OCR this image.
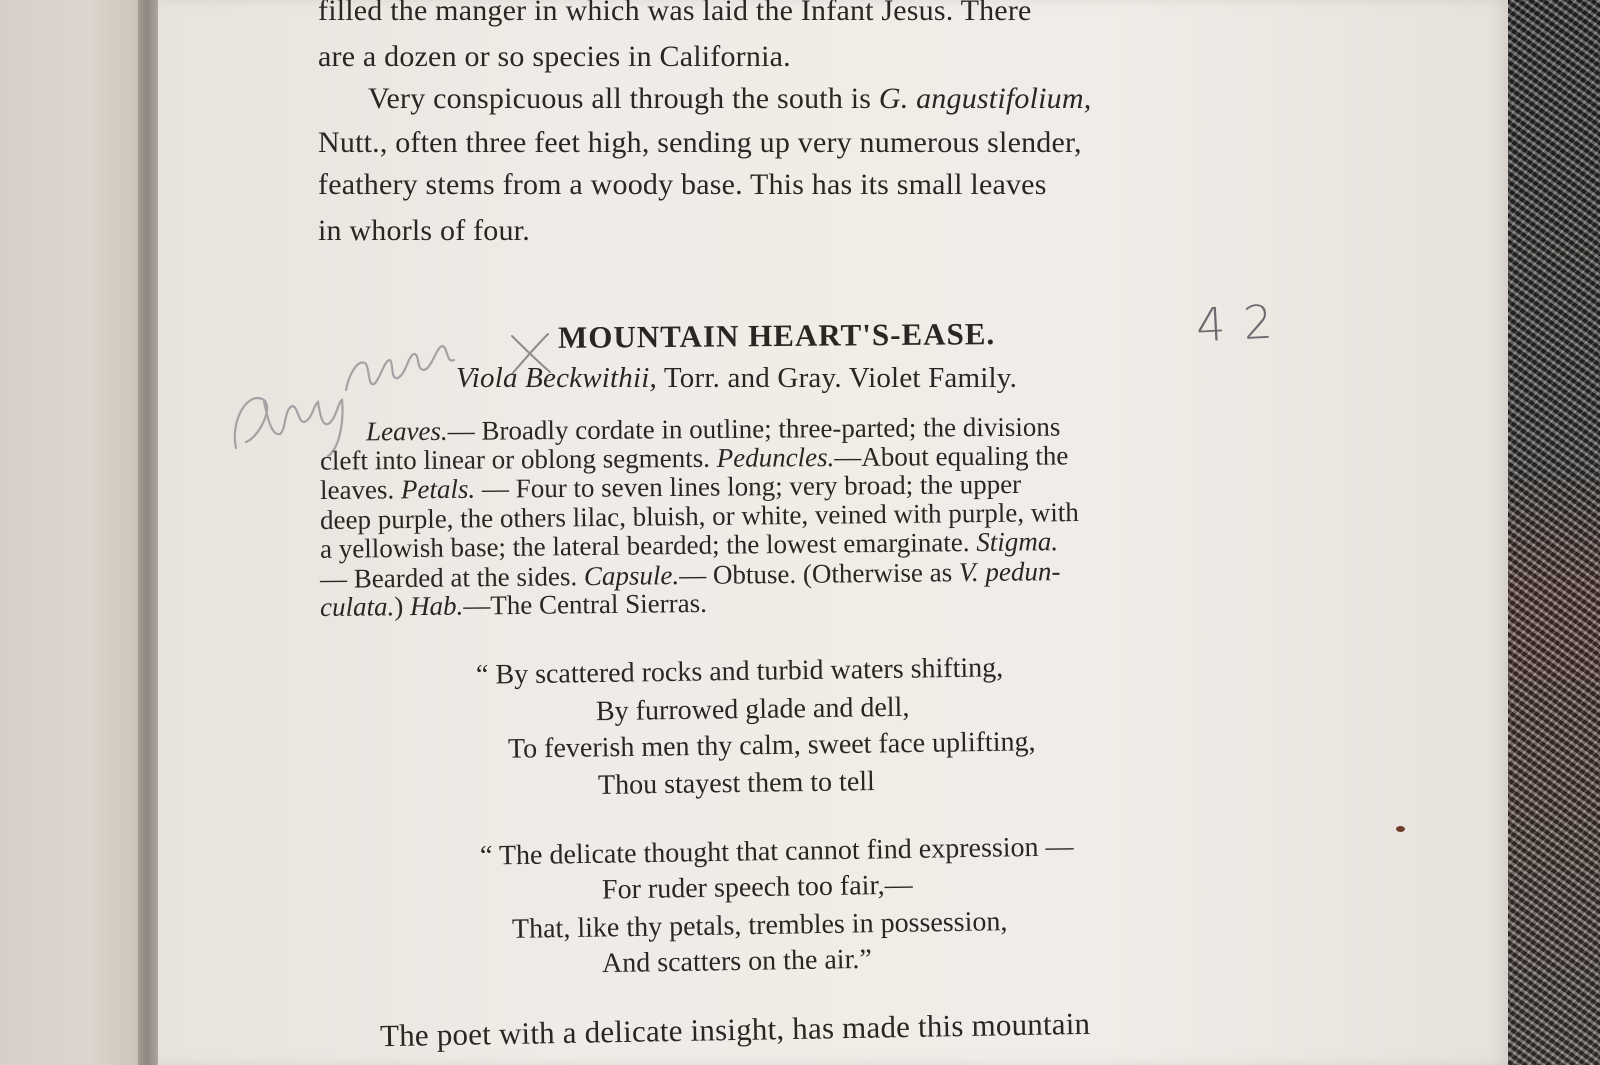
filled the manger in which was laid the Infant Jesus. There
are a dozen or so species in California.
Very conspicuous all through the south is G. angustifolium,
Nutt., often three feet high, sending up very numerous slender,
feathery stems from a woody base. This has its small leaves
in whorls of four.
MOUNTAIN HEART'S-EASE.	42
Viola Beckwithii, Torr. and Gray. Violet Family.
Leaves.— Broadly cordate in outline; three-parted; the divisions
cleft into linear or oblong segments. Peduncles.—About equaling the
leaves. Petals. — Four to seven lines long; very broad; the upper
deep purple, the others lilac, bluish, or white, veined with purple, with
a yellowish base; the lateral bearded; the lowest emarginate. Stigma.
— Bearded at the sides. Capsule.— Obtuse. (Otherwise as V. pedun-
culata.) Hab.—The Central Sierras.
“ By scattered rocks and turbid waters shifting,
By furrowed glade and dell,
To feverish men thy calm, sweet face uplifting,
Thou stayest them to tell
“ The delicate thought that cannot find expression —
For ruder speech too fair,—
That, like thy petals, trembles in possession,
And scatters on the air.”
The poet with a delicate insight, has made this mountain
